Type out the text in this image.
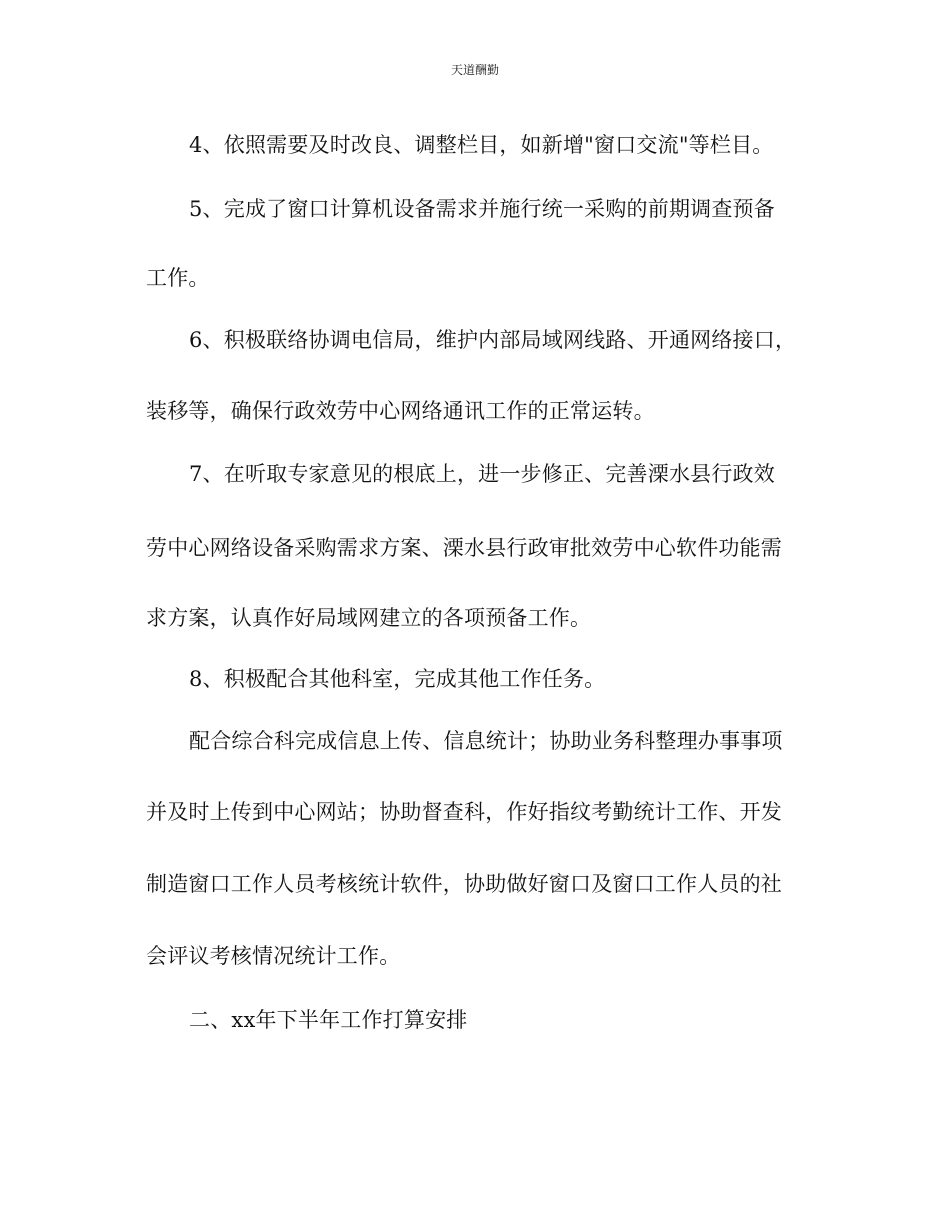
天道酬勤
4、依照需要及时改良、调整栏目，如新增"窗口交流"等栏目。
5、完成了窗口计算机设备需求并施行统一采购的前期调查预备
工作。
6、积极联络协调电信局，维护内部局域网线路、开通网络接口，
装移等，确保行政效劳中心网络通讯工作的正常运转。
7、在听取专家意见的根底上，进一步修正、完善溧水县行政效
劳中心网络设备采购需求方案、溧水县行政审批效劳中心软件功能需
求方案，认真作好局域网建立的各项预备工作。
8、积极配合其他科室，完成其他工作任务。
配合综合科完成信息上传、信息统计；协助业务科整理办事事项
并及时上传到中心网站；协助督查科，作好指纹考勤统计工作、开发
制造窗口工作人员考核统计软件，协助做好窗口及窗口工作人员的社
会评议考核情况统计工作。
二、xx年下半年工作打算安排
